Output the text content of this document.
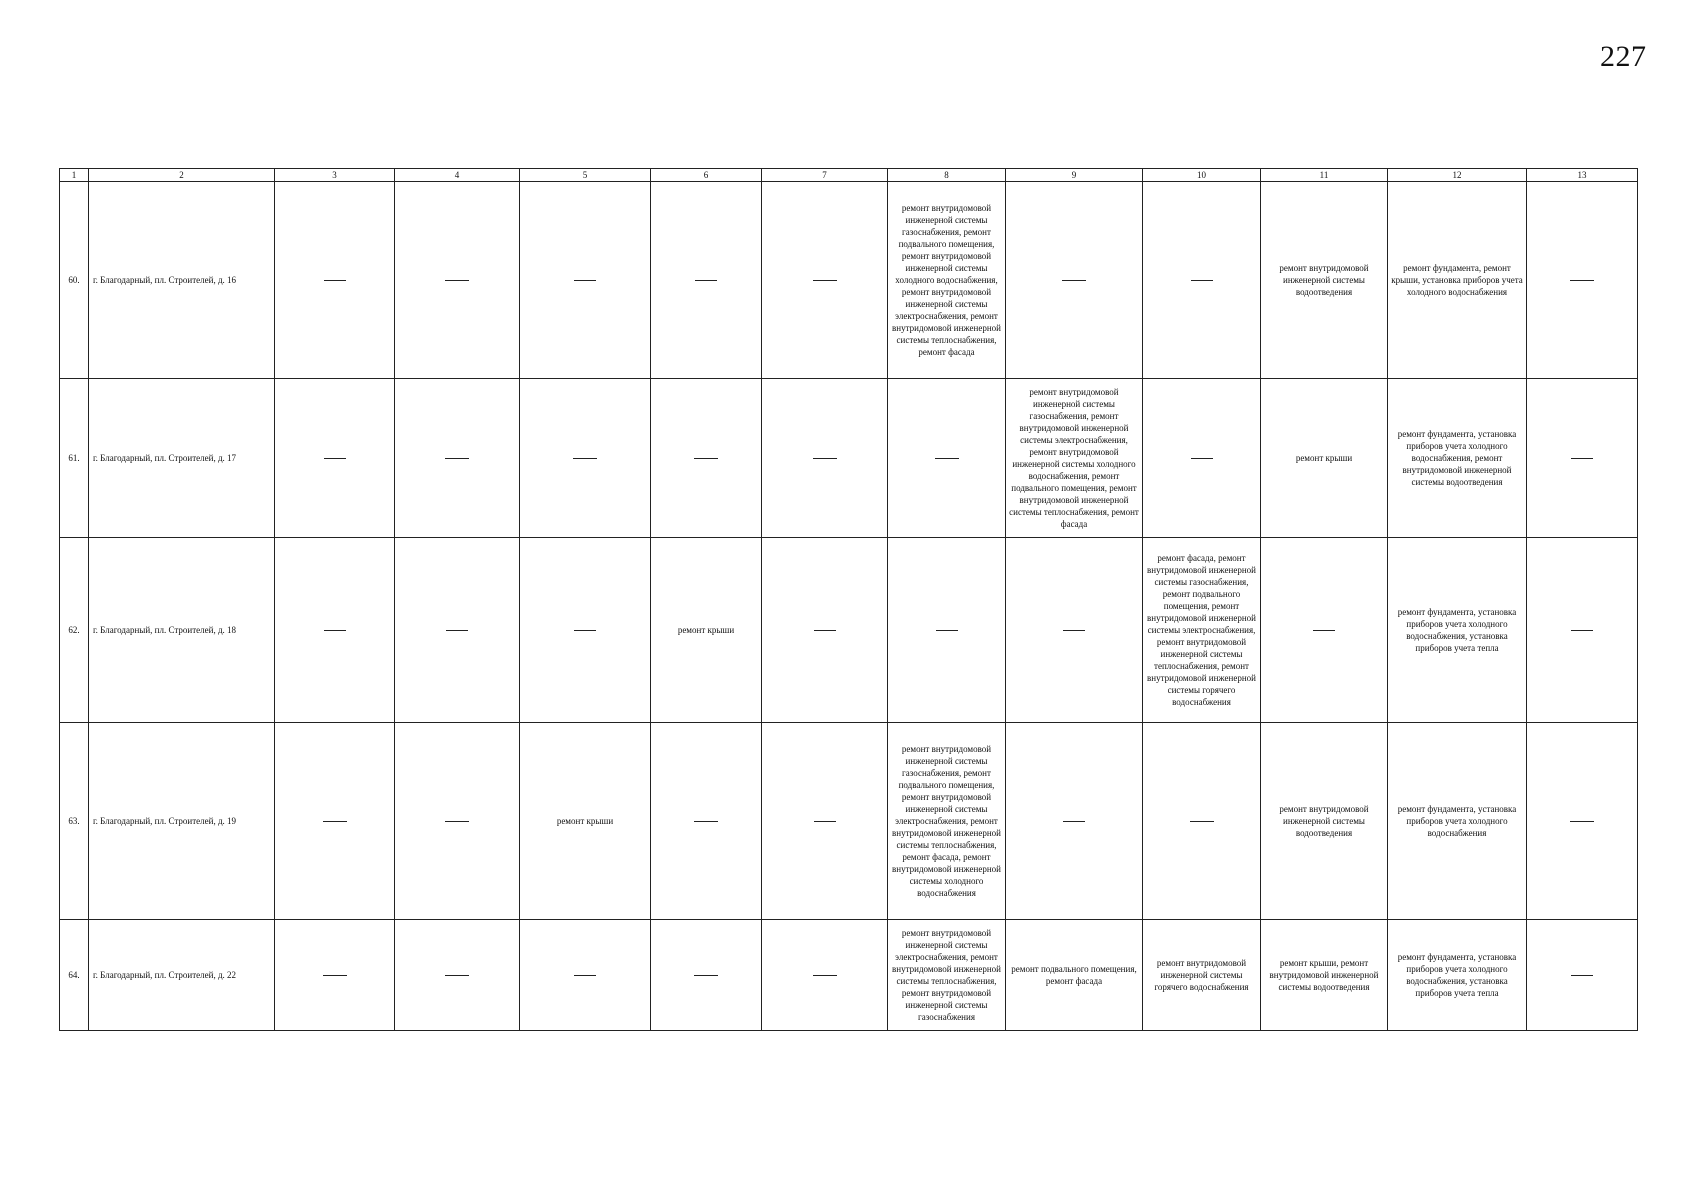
227
1	2	3	4	5	6	7	8	9	10	11	12	13
60.	г. Благодарный, пл. Строителей, д. 16						ремонт внутридомовой инженерной системы газоснабжения, ремонт подвального помещения, ремонт внутридомовой инженерной системы холодного водоснабжения, ремонт внутридомовой инженерной системы электроснабжения, ремонт внутридомовой инженерной системы теплоснабжения, ремонт фасада			ремонт внутридомовой инженерной системы водоотведения	ремонт фундамента, ремонт крыши, установка приборов учета холодного водоснабжения	
61.	г. Благодарный, пл. Строителей, д. 17							ремонт внутридомовой инженерной системы газоснабжения, ремонт внутридомовой инженерной системы электроснабжения, ремонт внутридомовой инженерной системы холодного водоснабжения, ремонт подвального помещения, ремонт внутридомовой инженерной системы теплоснабжения, ремонт фасада		ремонт крыши	ремонт фундамента, установка приборов учета холодного водоснабжения, ремонт внутридомовой инженерной системы водоотведения	
62.	г. Благодарный, пл. Строителей, д. 18				ремонт крыши				ремонт фасада, ремонт внутридомовой инженерной системы газоснабжения, ремонт подвального помещения, ремонт внутридомовой инженерной системы электроснабжения, ремонт внутридомовой инженерной системы теплоснабжения, ремонт внутридомовой инженерной системы горячего водоснабжения		ремонт фундамента, установка приборов учета холодного водоснабжения, установка приборов учета тепла	
63.	г. Благодарный, пл. Строителей, д. 19			ремонт крыши			ремонт внутридомовой инженерной системы газоснабжения, ремонт подвального помещения, ремонт внутридомовой инженерной системы электроснабжения, ремонт внутридомовой инженерной системы теплоснабжения, ремонт фасада, ремонт внутридомовой инженерной системы холодного водоснабжения			ремонт внутридомовой инженерной системы водоотведения	ремонт фундамента, установка приборов учета холодного водоснабжения	
64.	г. Благодарный, пл. Строителей, д. 22						ремонт внутридомовой инженерной системы электроснабжения, ремонт внутридомовой инженерной системы теплоснабжения, ремонт внутридомовой инженерной системы газоснабжения	ремонт подвального помещения, ремонт фасада	ремонт внутридомовой инженерной системы горячего водоснабжения	ремонт крыши, ремонт внутридомовой инженерной системы водоотведения	ремонт фундамента, установка приборов учета холодного водоснабжения, установка приборов учета тепла	
